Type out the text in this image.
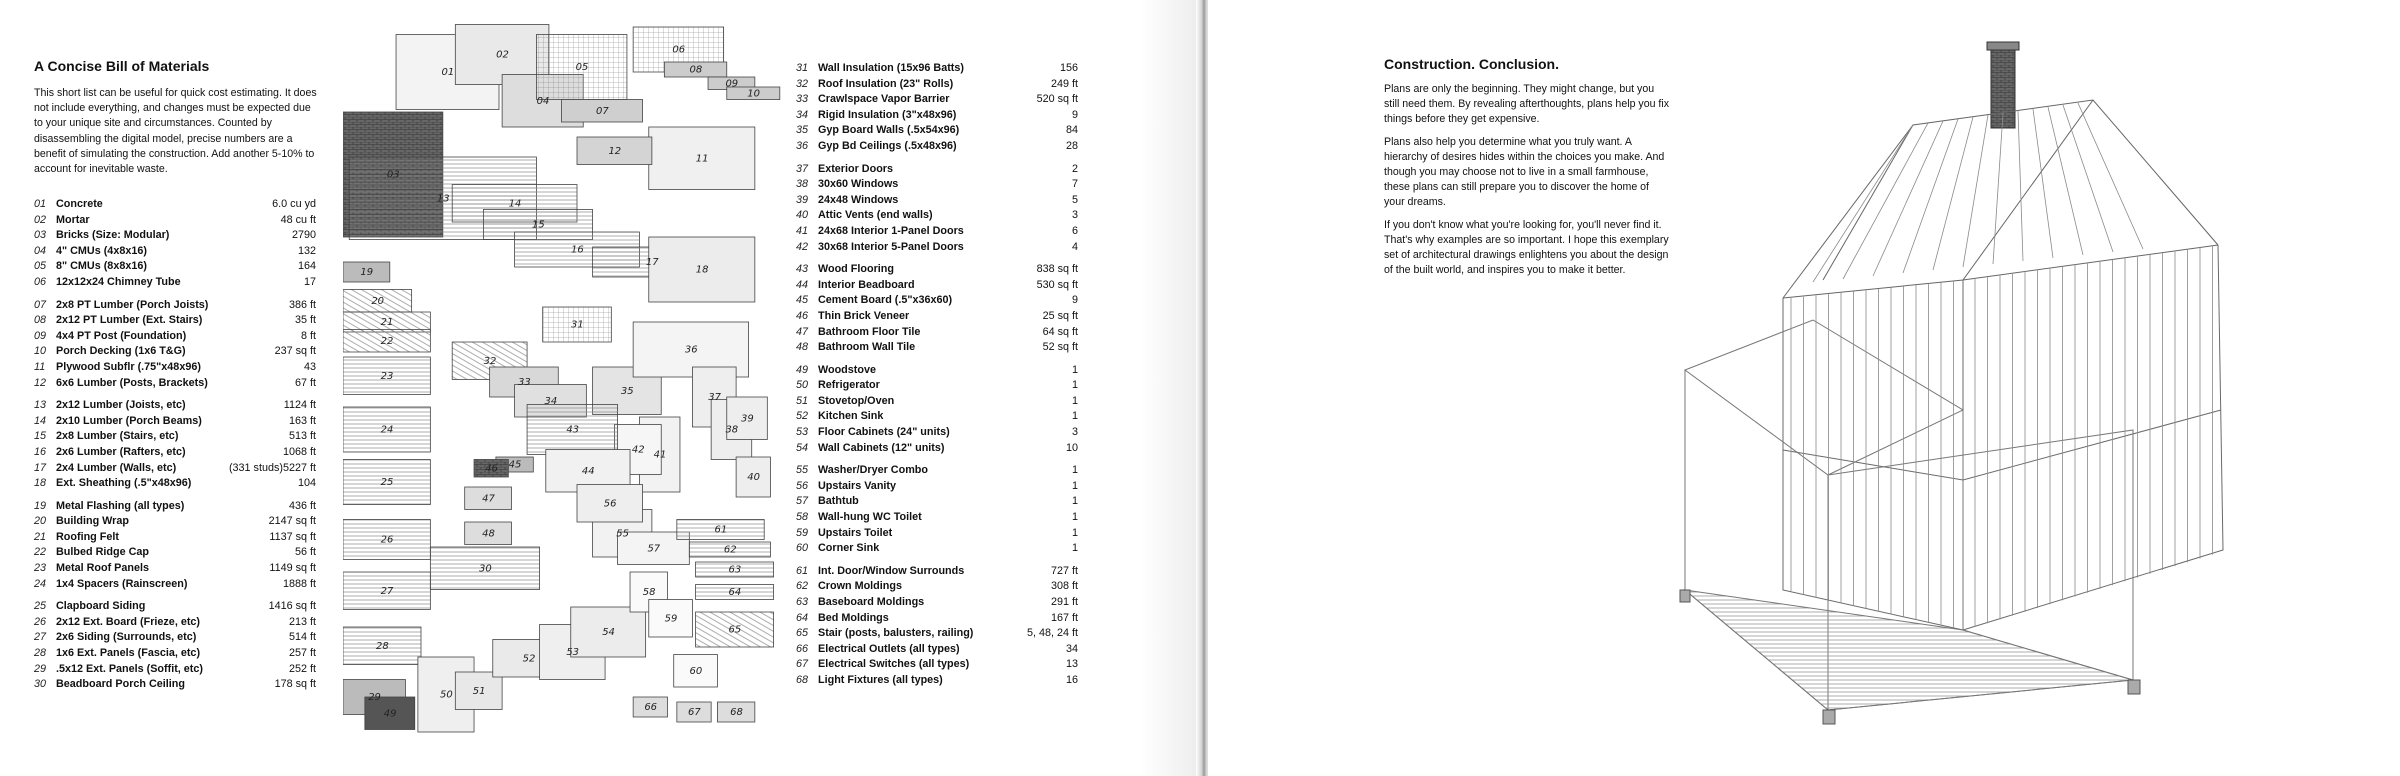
A Concise Bill of Materials

This short list can be useful for quick cost estimating. It does not include everything, and changes must be expected due to your unique site and circumstances. Counted by disassembling the digital model, precise numbers are a benefit of simulating the construction. Add another 5-10% to account for inevitable waste.

01 Concrete	6.0 cu yd
02 Mortar	48 cu ft
03 Bricks (Size: Modular)	2790
04 4" CMUs (4x8x16)	132
05 8" CMUs (8x8x16)	164
06 12x12x24 Chimney Tube	17
07 2x8 PT Lumber (Porch Joists)	386 ft
08 2x12 PT Lumber (Ext. Stairs)	35 ft
09 4x4 PT Post (Foundation)	8 ft
10 Porch Decking (1x6 T&G)	237 sq ft
11 Plywood Subflr (.75"x48x96)	43
12 6x6 Lumber (Posts, Brackets)	67 ft
13 2x12 Lumber (Joists, etc)	1124 ft
14 2x10 Lumber (Porch Beams)	163 ft
15 2x8 Lumber (Stairs, etc)	513 ft
16 2x6 Lumber (Rafters, etc)	1068 ft
17 2x4 Lumber (Walls, etc)	(331 studs) 5227 ft
18 Ext. Sheathing (.5"x48x96)	104
19 Metal Flashing (all types)	436 ft
20 Building Wrap	2147 sq ft
21 Roofing Felt	1137 sq ft
22 Bulbed Ridge Cap	56 ft
23 Metal Roof Panels	1149 sq ft
24 1x4 Spacers (Rainscreen)	1888 ft
25 Clapboard Siding	1416 sq ft
26 2x12 Ext. Board (Frieze, etc)	213 ft
27 2x6 Siding (Surrounds, etc)	514 ft
28 1x6 Ext. Panels (Fascia, etc)	257 ft
29 .5x12 Ext. Panels (Soffit, etc)	252 ft
30 Beadboard Porch Ceiling	178 sq ft
01
02
03
04
05
06
07
08
09
10
11
12
13	14
15
16
17
18
19
20
21
22
23
24
25
26
27
28
29
30
31
32
33
34
35
36
37
38
39
40
41
42
43
44
45
46
47
48
49
50 51
52
53
54
55
56
57
58
59
60
61
62
63
64
65
66	67	68
31 Wall Insulation (15x96 Batts)	156
32 Roof Insulation (23" Rolls)	249 ft
33 Crawlspace Vapor Barrier	520 sq ft
34 Rigid Insulation (3"x48x96)	9
35 Gyp Board Walls (.5x54x96)	84
36 Gyp Bd Ceilings (.5x48x96)	28
37 Exterior Doors	2
38 30x60 Windows	7
39 24x48 Windows	5
40 Attic Vents (end walls)	3
41 24x68 Interior 1-Panel Doors	6
42 30x68 Interior 5-Panel Doors	4
43 Wood Flooring	838 sq ft
44 Interior Beadboard	530 sq ft
45 Cement Board (.5"x36x60)	9
46 Thin Brick Veneer	25 sq ft
47 Bathroom Floor Tile	64 sq ft
48 Bathroom Wall Tile	52 sq ft
49 Woodstove	1
50 Refrigerator	1
51 Stovetop/Oven	1
52 Kitchen Sink	1
53 Floor Cabinets (24" units)	3
54 Wall Cabinets (12" units)	10
55 Washer/Dryer Combo	1
56 Upstairs Vanity	1
57 Bathtub	1
58 Wall-hung WC Toilet	1
59 Upstairs Toilet	1
60 Corner Sink	1
61 Int. Door/Window Surrounds	727 ft
62 Crown Moldings	308 ft
63 Baseboard Moldings	291 ft
64 Bed Moldings	167 ft
65 Stair (posts, balusters, railing)	5, 48, 24 ft
66 Electrical Outlets (all types)	34
67 Electrical Switches (all types)	13
68 Light Fixtures (all types)	16
Construction. Conclusion.

Plans are only the beginning. They might change, but you still need them. By revealing afterthoughts, plans help you fix things before they get expensive.

Plans also help you determine what you truly want. A hierarchy of desires hides within the choices you make. And though you may choose not to live in a small farmhouse, these plans can still prepare you to discover the home of your dreams.

If you don't know what you're looking for, you'll never find it. That's why examples are so important. I hope this exemplary set of architectural drawings enlightens you about the design of the built world, and inspires you to make it better.
